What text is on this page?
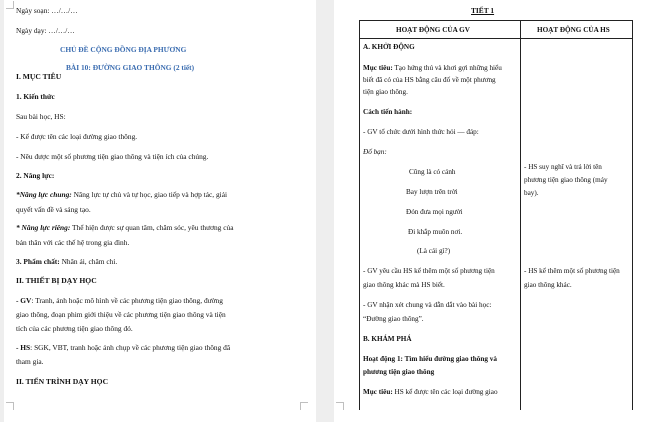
Ngày soạn: …/…/…
Ngày dạy: …/…/…
CHỦ ĐỀ CỘNG ĐỒNG ĐỊA PHƯƠNG
BÀI 10: ĐƯỜNG GIAO THÔNG (2 tiết)
I. MỤC TIÊU
1. Kiến thức
Sau bài học, HS:
- Kể được tên các loại đường giao thông.
- Nêu được một số phương tiện giao thông và tiện ích của chúng.
2. Năng lực:
*Năng lực chung: Năng lực tự chủ và tự học, giao tiếp và hợp tác, giải
quyết vấn đề và sáng tạo.
* Năng lực riêng: Thể hiện được sự quan tâm, chăm sóc, yêu thương của
bản thân với các thế hệ trong gia đình.
3. Phẩm chất: Nhân ái, chăm chỉ.
II. THIẾT BỊ DẠY HỌC
- GV: Tranh, ảnh hoặc mô hình về các phương tiện giao thông, đường
giao thông, đoạn phim giới thiệu về các phương tiện giao thông và tiện
tích của các phương tiện giao thông đó.
- HS: SGK, VBT, tranh hoặc ảnh chụp về các phương tiện giao thông đã
tham gia.
II. TIẾN TRÌNH DẠY HỌC
TIẾT 1
HOẠT ĐỘNG CỦA GV	HOẠT ĐỘNG CỦA HS
A. KHỞI ĐỘNG
Mục tiêu: Tạo hứng thú và khơi gợi những hiểu
biết đã có của HS bằng câu đố về một phương
tiện giao thông.
Cách tiến hành:
- GV tổ chức dưới hình thức hỏi — đáp:
Đố bạn:
Cũng là có cánh
Bay lượn trên trời
Đón đưa mọi người
Đi khắp muôn nơi.
(Là cái gì?)
- GV yêu cầu HS kể thêm một số phương tiện
giao thông khác mà HS biết.
- GV nhận xét chung và dẫn dắt vào bài học:
“Đường giao thông”.
B. KHÁM PHÁ
Hoạt động 1: Tìm hiểu đường giao thông và
phương tiện giao thông
Mục tiêu: HS kể được tên các loại đường giao
- HS suy nghĩ và trả lời tên
phương tiện giao thông (máy
bay).
- HS kể thêm một số phương tiện
giao thông khác.
